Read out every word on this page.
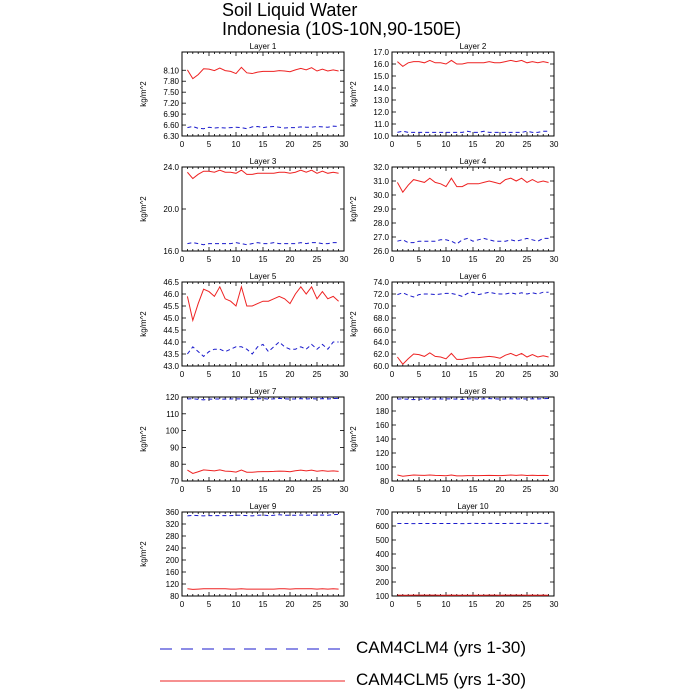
Soil Liquid Water
Indonesia (10S-10N,90-150E)
Layer 1
0	5	10 15 20 25 30
6.30
6.60
6.90
7.20
7.50
7.80
8.10
kg/m^2
Layer 2
0	5	10 15 20 25 30
10.0
11.0
12.0
13.0
14.0
15.0
16.0
17.0
kg/m^2
Layer 3
0	5	10 15 20 25 30
16.0
20.0
24.0
kg/m^2
Layer 4
0	5	10 15 20 25 30
26.0
27.0
28.0
29.0
30.0
31.0
32.0
kg/m^2
Layer 5
0	5	10 15 20 25 30
43.0
43.5
44.0
44.5
45.0
45.5
46.0
46.5
kg/m^2
Layer 6
0	5	10 15 20 25 30
60.0
62.0
64.0
66.0
68.0
70.0
72.0
74.0
kg/m^2
Layer 7
0	5	10 15 20 25 30
70
80
90
100
110
120
kg/m^2
Layer 8
0	5	10 15 20 25 30
80
100
120
140
160
180
200
kg/m^2
Layer 9
0	5	10 15 20 25 30
80
120
160
200
240
280
320
360
kg/m^2
Layer 10
0	5	10 15 20 25 30
100
200
300
400
500
600
700
CAM4CLM4 (yrs 1-30)
CAM4CLM5 (yrs 1-30)
